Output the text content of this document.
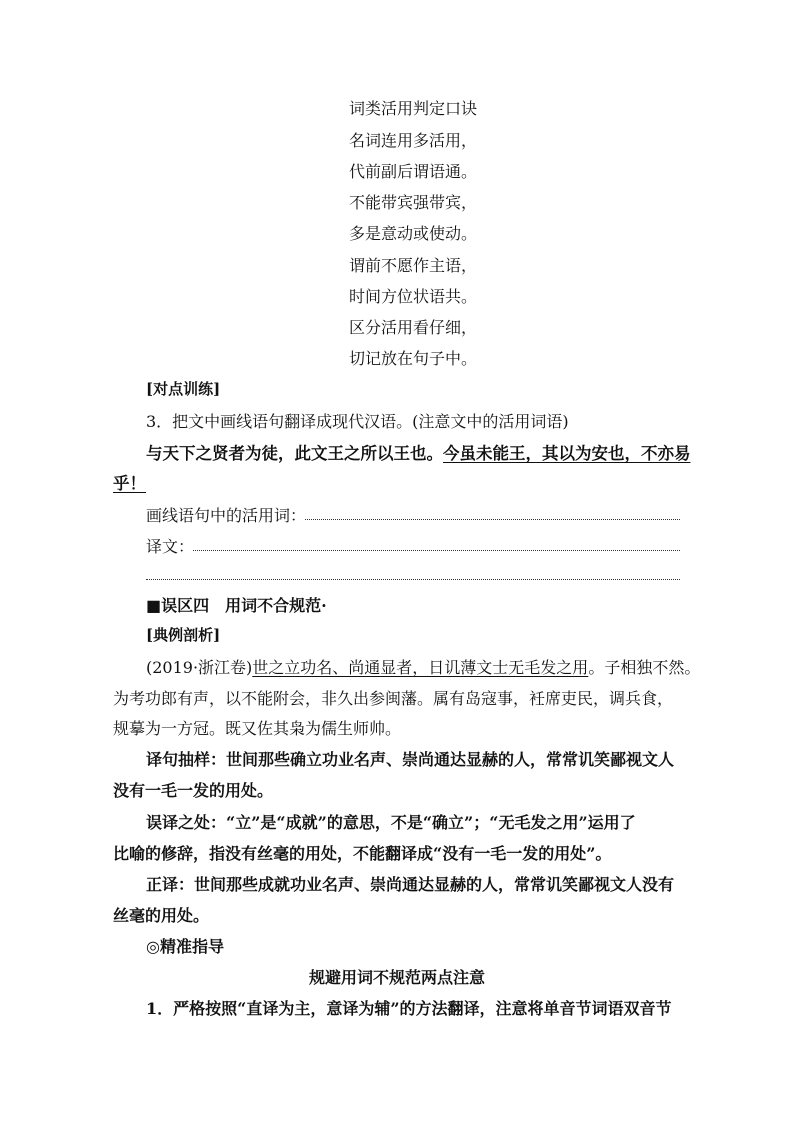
词类活用判定口诀
名词连用多活用，
代前副后谓语通。
不能带宾强带宾，
多是意动或使动。
谓前不愿作主语，
时间方位状语共。
区分活用看仔细，
切记放在句子中。
[对点训练]
3．把文中画线语句翻译成现代汉语。(注意文中的活用词语)
与天下之贤者为徒，此文王之所以王也。今虽未能王，其以为安也，不亦易
乎！
画线语句中的活用词：
译文：
■误区四　用词不合规范·
[典例剖析]
(2019·浙江卷)世之立功名、尚通显者，日讥薄文士无毛发之用。子相独不然。
为考功郎有声，以不能附会，非久出参闽藩。属有岛寇事，衽席吏民，调兵食，
规摹为一方冠。既又佐其枭为儒生师帅。
译句抽样：世间那些确立功业名声、崇尚通达显赫的人，常常讥笑鄙视文人
没有一毛一发的用处。
误译之处：“立”是“成就”的意思，不是“确立”；“无毛发之用”运用了
比喻的修辞，指没有丝毫的用处，不能翻译成“没有一毛一发的用处”。
正译：世间那些成就功业名声、崇尚通达显赫的人，常常讥笑鄙视文人没有
丝毫的用处。
◎精准指导
规避用词不规范两点注意
1．严格按照“直译为主，意译为辅”的方法翻译，注意将单音节词语双音节
